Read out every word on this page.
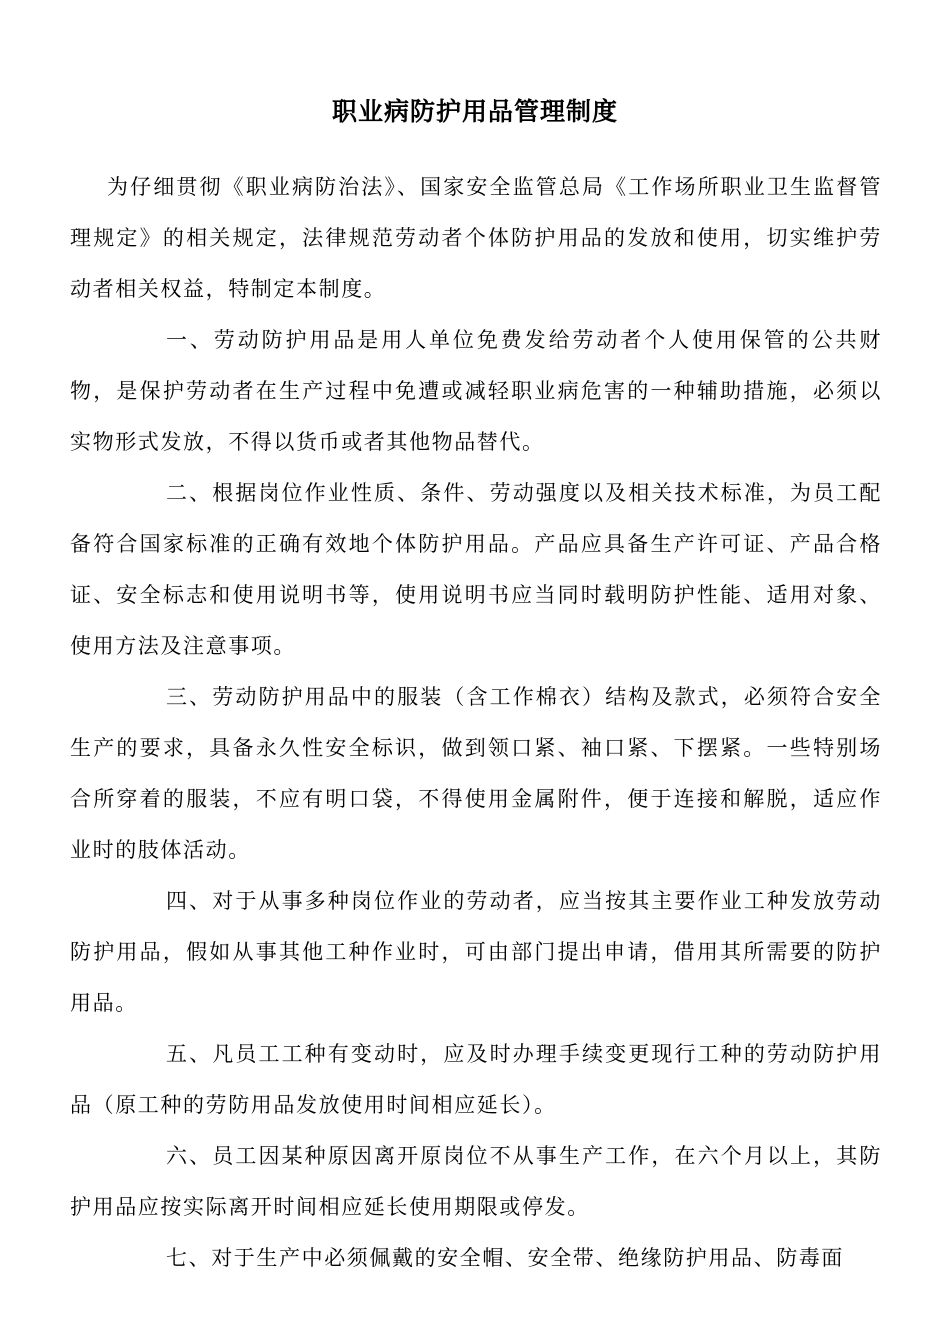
职业病防护用品管理制度

为仔细贯彻《职业病防治法》、国家安全监管总局《工作场所职业卫生监督管理规定》的相关规定，法律规范劳动者个体防护用品的发放和使用，切实维护劳动者相关权益，特制定本制度。

一、劳动防护用品是用人单位免费发给劳动者个人使用保管的公共财物，是保护劳动者在生产过程中免遭或减轻职业病危害的一种辅助措施，必须以实物形式发放，不得以货币或者其他物品替代。

二、根据岗位作业性质、条件、劳动强度以及相关技术标准，为员工配备符合国家标准的正确有效地个体防护用品。产品应具备生产许可证、产品合格证、安全标志和使用说明书等，使用说明书应当同时载明防护性能、适用对象、使用方法及注意事项。

三、劳动防护用品中的服装（含工作棉衣）结构及款式，必须符合安全生产的要求，具备永久性安全标识，做到领口紧、袖口紧、下摆紧。一些特别场合所穿着的服装，不应有明口袋，不得使用金属附件，便于连接和解脱，适应作业时的肢体活动。

四、对于从事多种岗位作业的劳动者，应当按其主要作业工种发放劳动防护用品，假如从事其他工种作业时，可由部门提出申请，借用其所需要的防护用品。

五、凡员工工种有变动时，应及时办理手续变更现行工种的劳动防护用品（原工种的劳防用品发放使用时间相应延长）。

六、员工因某种原因离开原岗位不从事生产工作，在六个月以上，其防护用品应按实际离开时间相应延长使用期限或停发。

七、对于生产中必须佩戴的安全帽、安全带、绝缘防护用品、防毒面
